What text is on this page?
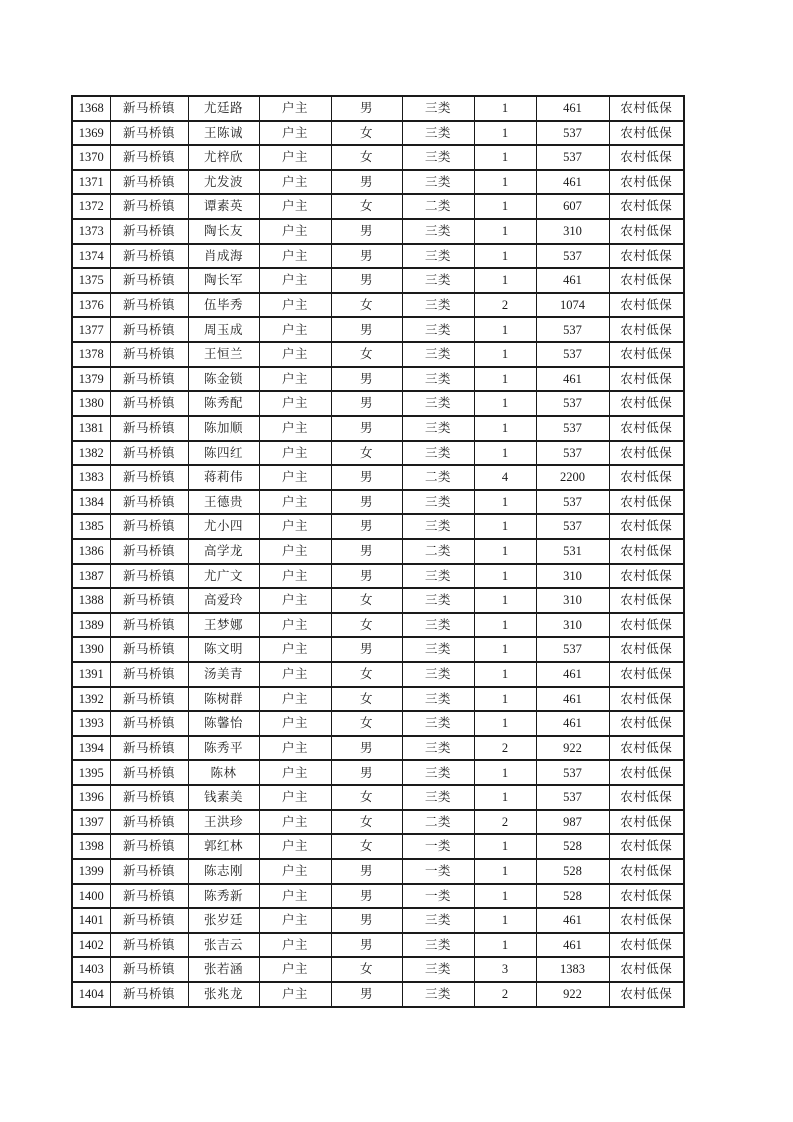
1368	新马桥镇	尤廷路	户主	男	三类	1	461	农村低保
1369	新马桥镇	王陈诚	户主	女	三类	1	537	农村低保
1370	新马桥镇	尤梓欣	户主	女	三类	1	537	农村低保
1371	新马桥镇	尤发波	户主	男	三类	1	461	农村低保
1372	新马桥镇	谭素英	户主	女	二类	1	607	农村低保
1373	新马桥镇	陶长友	户主	男	三类	1	310	农村低保
1374	新马桥镇	肖成海	户主	男	三类	1	537	农村低保
1375	新马桥镇	陶长军	户主	男	三类	1	461	农村低保
1376	新马桥镇	伍毕秀	户主	女	三类	2	1074	农村低保
1377	新马桥镇	周玉成	户主	男	三类	1	537	农村低保
1378	新马桥镇	王恒兰	户主	女	三类	1	537	农村低保
1379	新马桥镇	陈金锁	户主	男	三类	1	461	农村低保
1380	新马桥镇	陈秀配	户主	男	三类	1	537	农村低保
1381	新马桥镇	陈加顺	户主	男	三类	1	537	农村低保
1382	新马桥镇	陈四红	户主	女	三类	1	537	农村低保
1383	新马桥镇	蒋莉伟	户主	男	二类	4	2200	农村低保
1384	新马桥镇	王德贵	户主	男	三类	1	537	农村低保
1385	新马桥镇	尤小四	户主	男	三类	1	537	农村低保
1386	新马桥镇	高学龙	户主	男	二类	1	531	农村低保
1387	新马桥镇	尤广文	户主	男	三类	1	310	农村低保
1388	新马桥镇	高爱玲	户主	女	三类	1	310	农村低保
1389	新马桥镇	王梦娜	户主	女	三类	1	310	农村低保
1390	新马桥镇	陈文明	户主	男	三类	1	537	农村低保
1391	新马桥镇	汤美青	户主	女	三类	1	461	农村低保
1392	新马桥镇	陈树群	户主	女	三类	1	461	农村低保
1393	新马桥镇	陈馨怡	户主	女	三类	1	461	农村低保
1394	新马桥镇	陈秀平	户主	男	三类	2	922	农村低保
1395	新马桥镇	陈林	户主	男	三类	1	537	农村低保
1396	新马桥镇	钱素美	户主	女	三类	1	537	农村低保
1397	新马桥镇	王洪珍	户主	女	二类	2	987	农村低保
1398	新马桥镇	郭红林	户主	女	一类	1	528	农村低保
1399	新马桥镇	陈志刚	户主	男	一类	1	528	农村低保
1400	新马桥镇	陈秀新	户主	男	一类	1	528	农村低保
1401	新马桥镇	张岁廷	户主	男	三类	1	461	农村低保
1402	新马桥镇	张吉云	户主	男	三类	1	461	农村低保
1403	新马桥镇	张若涵	户主	女	三类	3	1383	农村低保
1404	新马桥镇	张兆龙	户主	男	三类	2	922	农村低保
